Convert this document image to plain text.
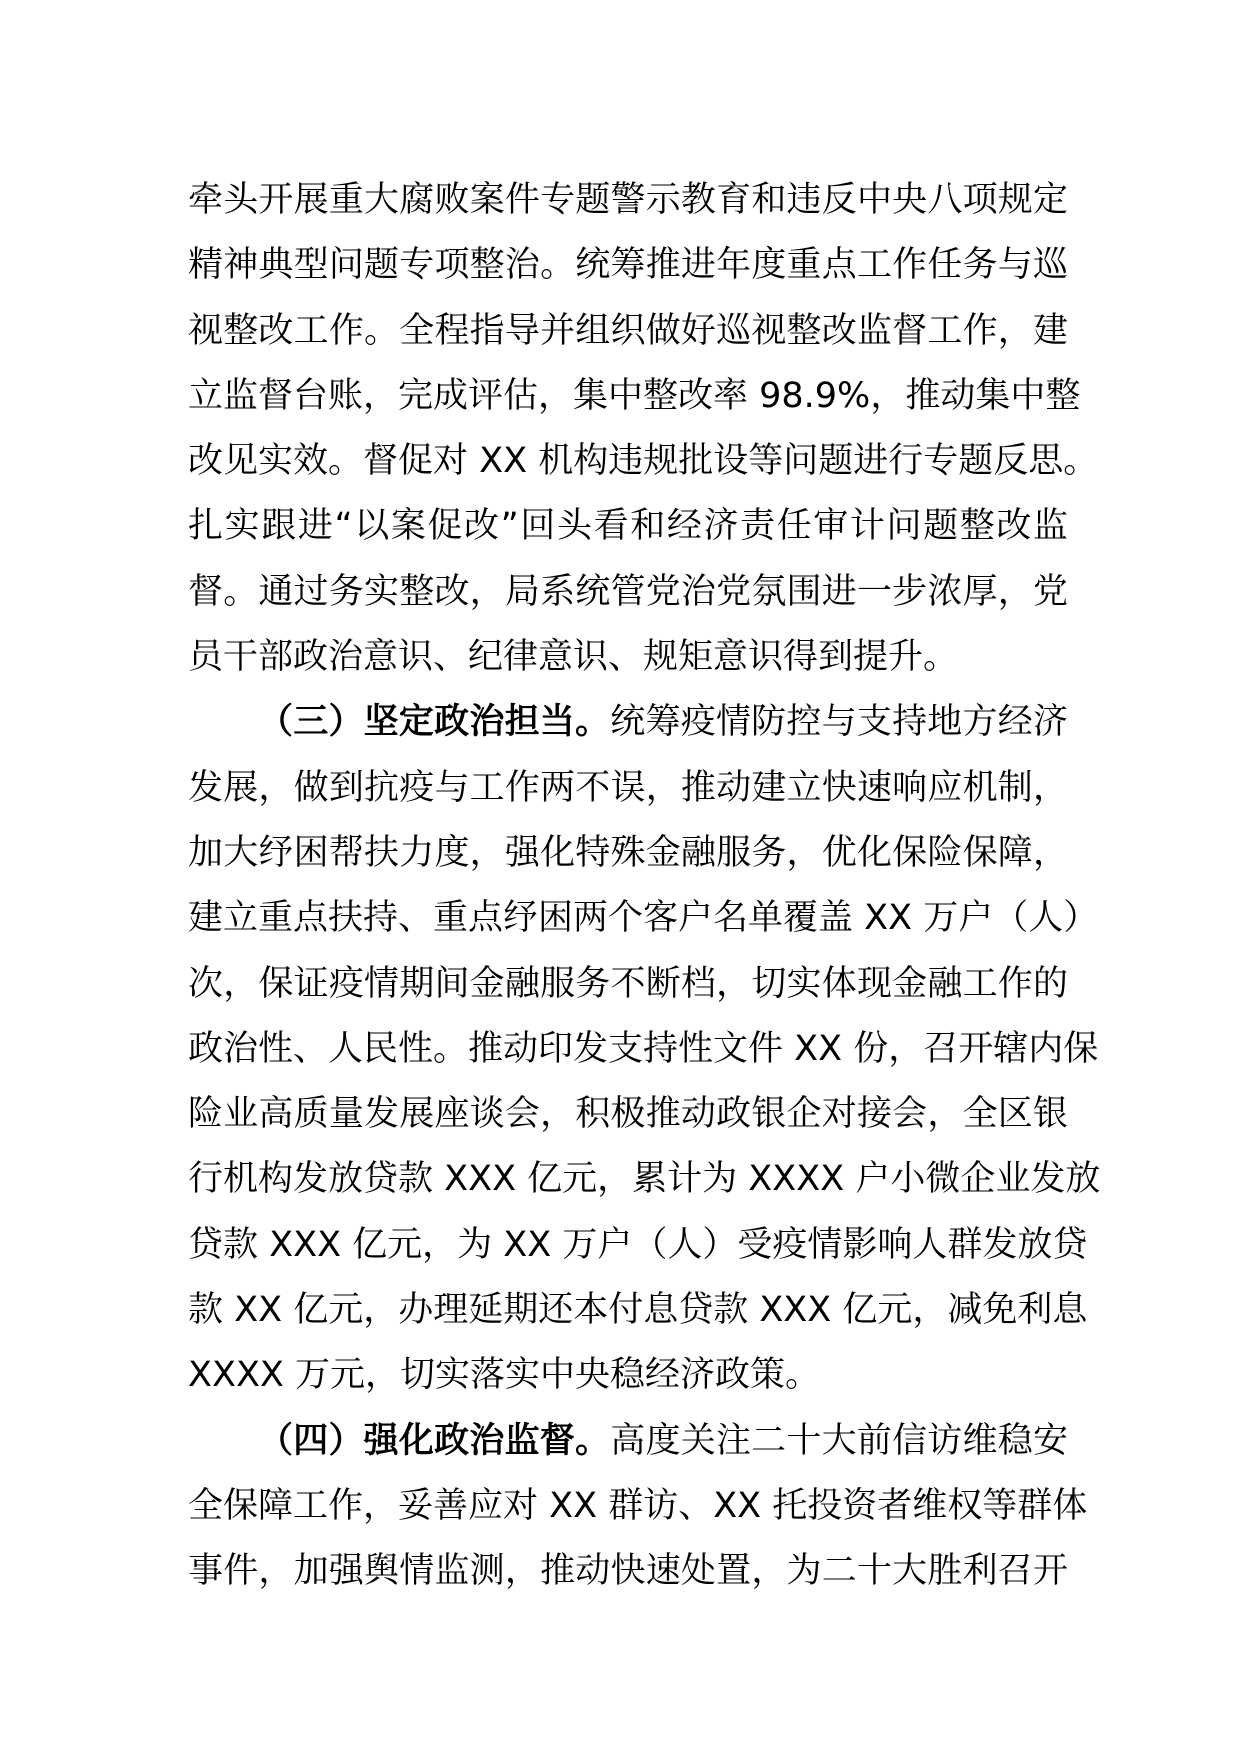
牵头开展重大腐败案件专题警示教育和违反中央八项规定
精神典型问题专项整治。统筹推进年度重点工作任务与巡
视整改工作。全程指导并组织做好巡视整改监督工作，建
立监督台账，完成评估，集中整改率 98.9%，推动集中整
改见实效。督促对 XX 机构违规批设等问题进行专题反思。
扎实跟进“以案促改”回头看和经济责任审计问题整改监
督。通过务实整改，局系统管党治党氛围进一步浓厚，党
员干部政治意识、纪律意识、规矩意识得到提升。
（三）坚定政治担当。统筹疫情防控与支持地方经济
发展，做到抗疫与工作两不误，推动建立快速响应机制，
加大纾困帮扶力度，强化特殊金融服务，优化保险保障，
建立重点扶持、重点纾困两个客户名单覆盖 XX 万户（人）
次，保证疫情期间金融服务不断档，切实体现金融工作的
政治性、人民性。推动印发支持性文件 XX 份，召开辖内保
险业高质量发展座谈会，积极推动政银企对接会，全区银
行机构发放贷款 XXX 亿元，累计为 XXXX 户小微企业发放
贷款 XXX 亿元，为 XX 万户（人）受疫情影响人群发放贷
款 XX 亿元，办理延期还本付息贷款 XXX 亿元，减免利息
XXXX 万元，切实落实中央稳经济政策。
（四）强化政治监督。高度关注二十大前信访维稳安
全保障工作，妥善应对 XX 群访、XX 托投资者维权等群体
事件，加强舆情监测，推动快速处置，为二十大胜利召开
